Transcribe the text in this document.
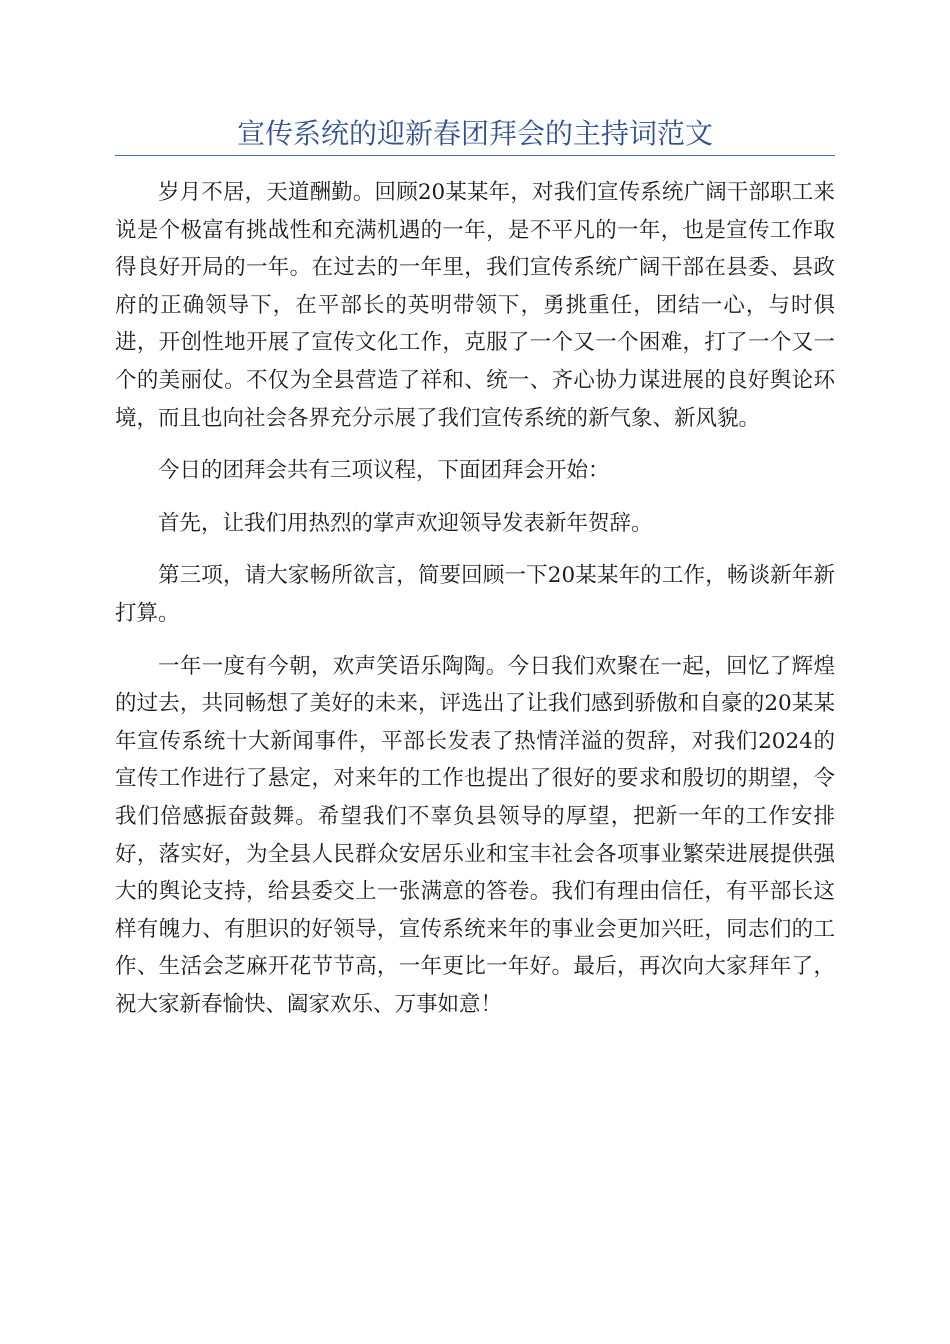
宣传系统的迎新春团拜会的主持词范文

岁月不居，天道酬勤。回顾20某某年，对我们宣传系统广阔干部职工来说是个极富有挑战性和充满机遇的一年，是不平凡的一年，也是宣传工作取得良好开局的一年。在过去的一年里，我们宣传系统广阔干部在县委、县政府的正确领导下，在平部长的英明带领下，勇挑重任，团结一心，与时俱进，开创性地开展了宣传文化工作，克服了一个又一个困难，打了一个又一个的美丽仗。不仅为全县营造了祥和、统一、齐心协力谋进展的良好舆论环境，而且也向社会各界充分示展了我们宣传系统的新气象、新风貌。

今日的团拜会共有三项议程，下面团拜会开始：

首先，让我们用热烈的掌声欢迎领导发表新年贺辞。

第三项，请大家畅所欲言，简要回顾一下20某某年的工作，畅谈新年新打算。

一年一度有今朝，欢声笑语乐陶陶。今日我们欢聚在一起，回忆了辉煌的过去，共同畅想了美好的未来，评选出了让我们感到骄傲和自豪的20某某年宣传系统十大新闻事件，平部长发表了热情洋溢的贺辞，对我们2024的宣传工作进行了悬定，对来年的工作也提出了很好的要求和殷切的期望，令我们倍感振奋鼓舞。希望我们不辜负县领导的厚望，把新一年的工作安排好，落实好，为全县人民群众安居乐业和宝丰社会各项事业繁荣进展提供强大的舆论支持，给县委交上一张满意的答卷。我们有理由信任，有平部长这样有魄力、有胆识的好领导，宣传系统来年的事业会更加兴旺，同志们的工作、生活会芝麻开花节节高，一年更比一年好。最后，再次向大家拜年了，祝大家新春愉快、阖家欢乐、万事如意！
